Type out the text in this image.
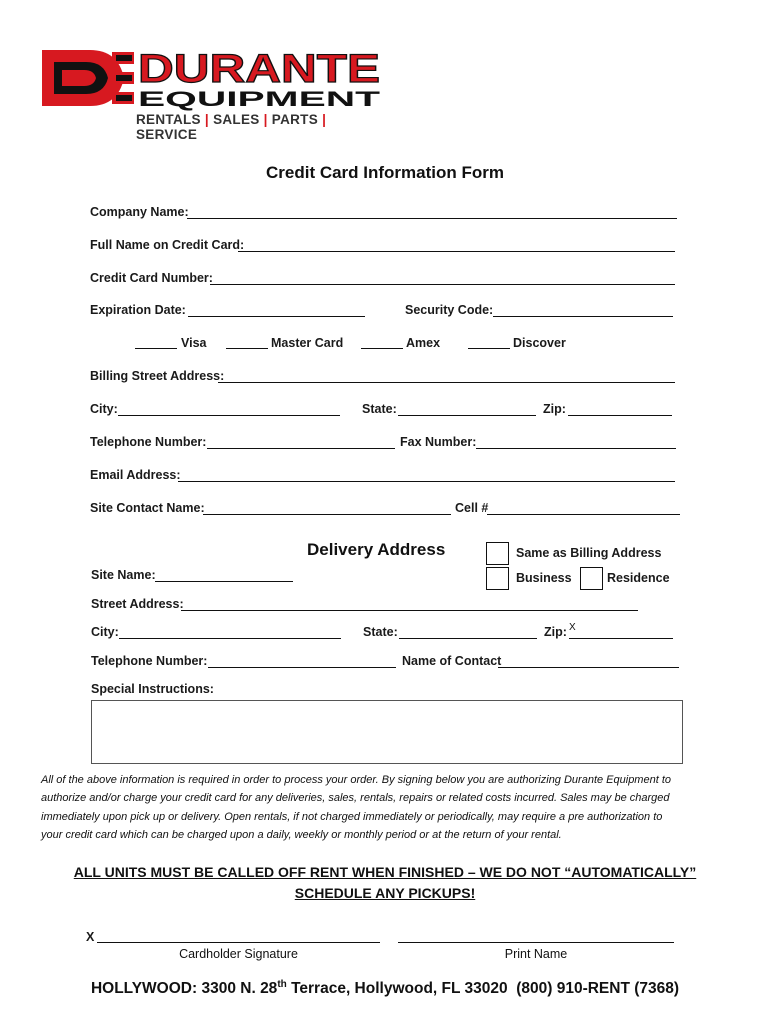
DURANTE
EQUIPMENT
RENTALS | SALES | PARTS | SERVICE
Credit Card Information Form
Company Name:
Full Name on Credit Card:
Credit Card Number:
Expiration Date:	Security Code:
Visa	Master Card	Amex	Discover
Billing Street Address:
City:	State:	Zip:
Telephone Number:	Fax Number:
Email Address:
Site Contact Name:	Cell #
Delivery Address	Same as Billing Address
Business	Residence
Site Name:
Street Address:
City:	State:	Zip: X
Telephone Number:	Name of Contact
Special Instructions:
All of the above information is required in order to process your order. By signing below you are authorizing Durante Equipment to
authorize and/or charge your credit card for any deliveries, sales, rentals, repairs or related costs incurred. Sales may be charged
immediately upon pick up or delivery. Open rentals, if not charged immediately or periodically, may require a pre authorization to
your credit card which can be charged upon a daily, weekly or monthly period or at the return of your rental.
ALL UNITS MUST BE CALLED OFF RENT WHEN FINISHED – WE DO NOT “AUTOMATICALLY”
SCHEDULE ANY PICKUPS!
X
Cardholder Signature	Print Name
HOLLYWOOD: 3300 N. 28th Terrace, Hollywood, FL 33020 (800) 910-RENT (7368)
